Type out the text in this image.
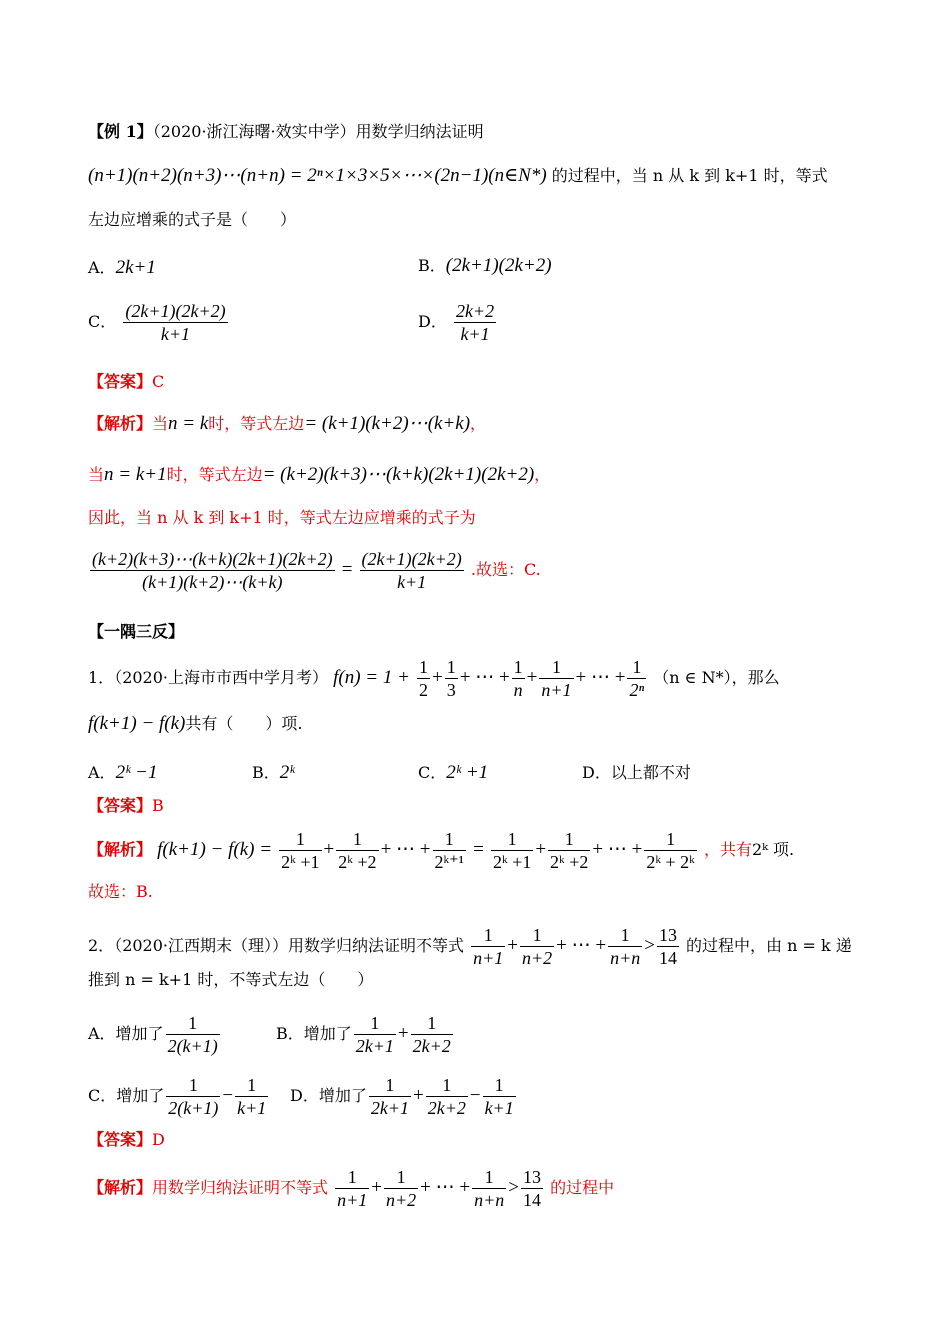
【例 1】（2020·浙江海曙·效实中学）用数学归纳法证明
(n+1)(n+2)(n+3)⋯(n+n) = 2ⁿ×1×3×5×⋯×(2n−1)(n∈N*) 的过程中，当 n 从 k 到 k+1 时，等式
左边应增乘的式子是（　　）
A．2k+1	B．(2k+1)(2k+2)
C． $\frac{(2k+1)(2k+2)}{k+1}$	D． $\frac{2k+2}{k+1}$
【答案】C
【解析】当n = k时，等式左边= (k+1)(k+2)⋯(k+k)，
当n = k+1时，等式左边= (k+2)(k+3)⋯(k+k)(2k+1)(2k+2)，
因此，当 n 从 k 到 k+1 时，等式左边应增乘的式子为
$\frac{(k+2)(k+3)\cdots(k+k)(2k+1)(2k+2)}{(k+1)(k+2)\cdots(k+k)} = \frac{(2k+1)(2k+2)}{k+1}$ .故选：C.
【一隅三反】
1．（2020·上海市市西中学月考） $f(n) = 1 + \frac{1}{2} + \frac{1}{3}$ + ⋯ + $\frac{1}{n} + \frac{1}{n+1}$ + ⋯ + $\frac{1}{\text{2ⁿ}} (n$ ∈ N*），那么
f(k+1) − f(k)共有（　　）项.
A．2ᵏ −1	B．2ᵏ	C．2ᵏ +1	D．以上都不对
【答案】B
【解析】 $f(k+1) - f(k) = \frac{1}{\text{2ᵏ +1}} + \frac{1}{\text{2ᵏ +2}}$ + ⋯ + $\frac{1}{\text{2ᵏ⁺¹}} = \frac{1}{\text{2ᵏ +1}} + \frac{1}{\text{2ᵏ +2}}$ + ⋯ + $\frac{1}{\text{2ᵏ + 2ᵏ}}$ ，共有2ᵏ 项.
故选：B.
2．（2020·江西期末（理））用数学归纳法证明不等式 $\frac{1}{n+1} + \frac{1}{n+2}$ + ⋯ + $\frac{1}{n+n} > \frac{13}{14}$ 的过程中，由 n = k 递
推到 n = k+1 时，不等式左边（　　）
A．增加了 $\frac{1}{2(k+1)}$	B．增加了 $\frac{1}{2k+1} + \frac{1}{2k+2}$
C．增加了 $\frac{1}{2(k+1)} - \frac{1}{k+1}$ D．增加了 $\frac{1}{2k+1} + \frac{1}{2k+2} - \frac{1}{k+1}$
【答案】D
【解析】用数学归纳法证明不等式 $\frac{1}{n+1} + \frac{1}{n+2}$ + ⋯ + $\frac{1}{n+n} > \frac{13}{14}$ 的过程中
